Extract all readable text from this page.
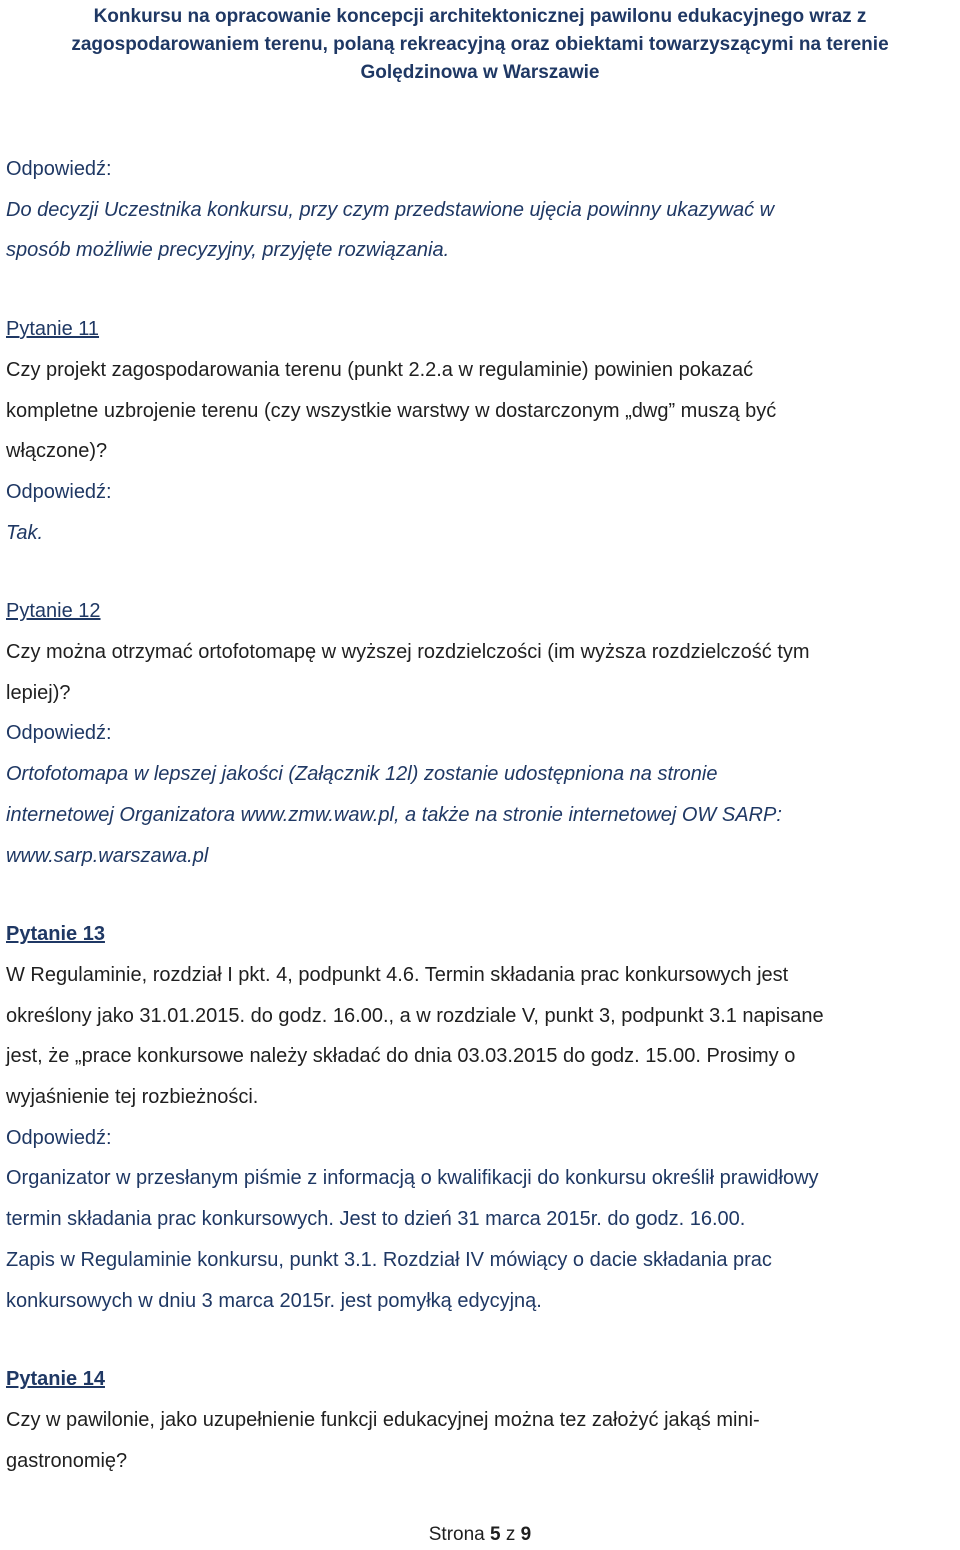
Konkursu na opracowanie koncepcji architektonicznej pawilonu edukacyjnego wraz z
zagospodarowaniem terenu, polaną rekreacyjną oraz obiektami towarzyszącymi na terenie
Golędzinowa w Warszawie

Odpowiedź:

Do decyzji Uczestnika konkursu, przy czym przedstawione ujęcia powinny ukazywać w

sposób możliwie precyzyjny, przyjęte rozwiązania.

Pytanie 11

Czy projekt zagospodarowania terenu (punkt 2.2.a w regulaminie) powinien pokazać

kompletne uzbrojenie terenu (czy wszystkie warstwy w dostarczonym „dwg” muszą być

włączone)?

Odpowiedź:

Tak.

Pytanie 12

Czy można otrzymać ortofotomapę w wyższej rozdzielczości (im wyższa rozdzielczość tym

lepiej)?

Odpowiedź:

Ortofotomapa w lepszej jakości (Załącznik 12l) zostanie udostępniona na stronie

internetowej Organizatora www.zmw.waw.pl, a także na stronie internetowej OW SARP:

www.sarp.warszawa.pl

Pytanie 13

W Regulaminie, rozdział I pkt. 4, podpunkt 4.6. Termin składania prac konkursowych jest

określony jako 31.01.2015. do godz. 16.00., a w rozdziale V, punkt 3, podpunkt 3.1 napisane

jest, że „prace konkursowe należy składać do dnia 03.03.2015 do godz. 15.00. Prosimy o

wyjaśnienie tej rozbieżności.

Odpowiedź:

Organizator w przesłanym piśmie z informacją o kwalifikacji do konkursu określił prawidłowy

termin składania prac konkursowych. Jest to dzień 31 marca 2015r. do godz. 16.00.

Zapis w Regulaminie konkursu, punkt 3.1. Rozdział IV mówiący o dacie składania prac

konkursowych w dniu 3 marca 2015r. jest pomyłką edycyjną.

Pytanie 14

Czy w pawilonie, jako uzupełnienie funkcji edukacyjnej można tez założyć jakąś mini-

gastronomię?

Strona 5 z 9
